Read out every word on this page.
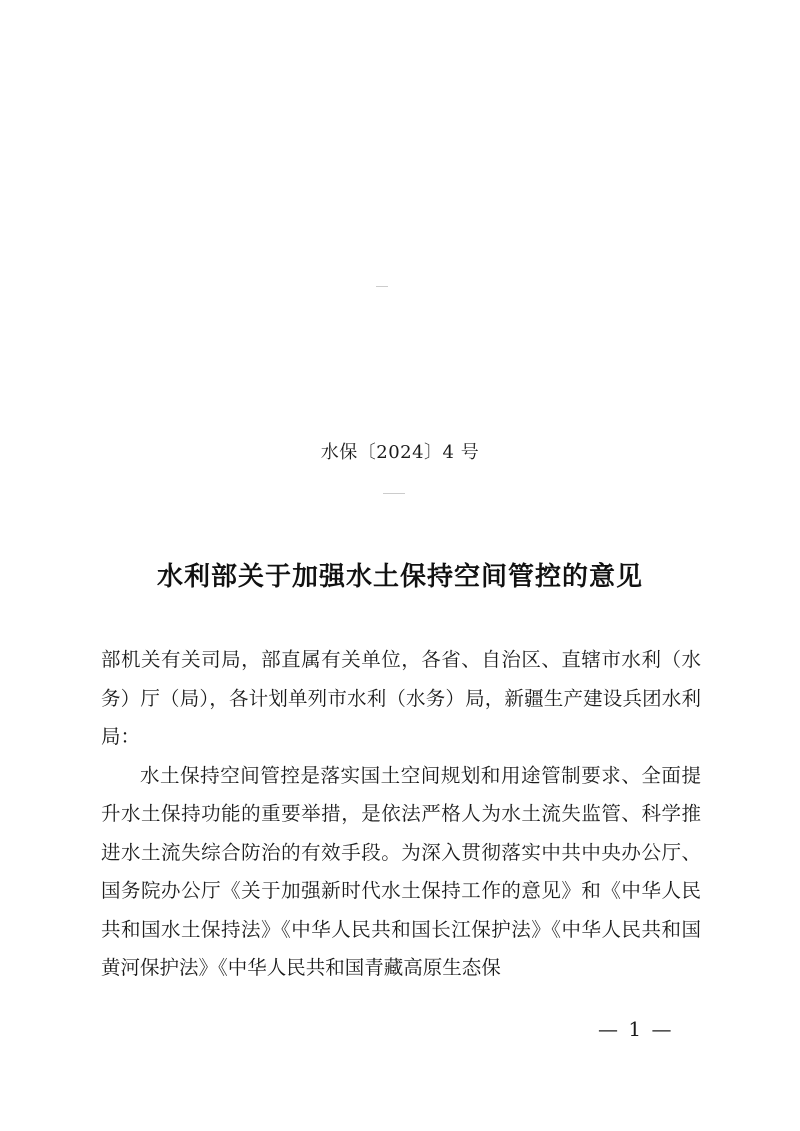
水保〔2024〕4 号
水利部关于加强水土保持空间管控的意见

部机关有关司局，部直属有关单位，各省、自治区、直辖市水利（水务）厅（局），各计划单列市水利（水务）局，新疆生产建设兵团水利局：

水土保持空间管控是落实国土空间规划和用途管制要求、全面提升水土保持功能的重要举措，是依法严格人为水土流失监管、科学推进水土流失综合防治的有效手段。为深入贯彻落实中共中央办公厅、国务院办公厅《关于加强新时代水土保持工作的意见》和《中华人民共和国水土保持法》《中华人民共和国长江保护法》《中华人民共和国黄河保护法》《中华人民共和国青藏高原生态保

— 1 —
